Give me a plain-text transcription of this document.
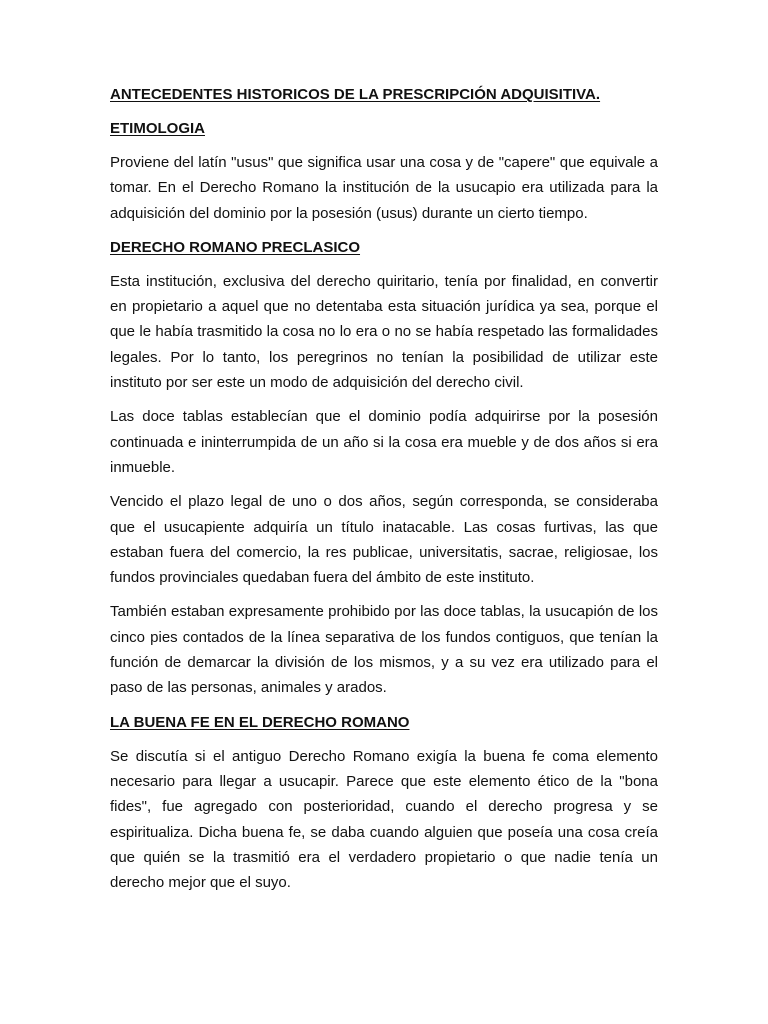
ANTECEDENTES HISTORICOS DE LA PRESCRIPCIÓN ADQUISITIVA.
ETIMOLOGIA

Proviene del latín "usus" que significa usar una cosa y de "capere" que equivale a tomar. En el Derecho Romano la institución de la usucapio era utilizada para la adquisición del dominio por la posesión (usus) durante un cierto tiempo.

DERECHO ROMANO PRECLASICO

Esta institución, exclusiva del derecho quiritario, tenía por finalidad, en convertir en propietario a aquel que no detentaba esta situación jurídica ya sea, porque el que le había trasmitido la cosa no lo era o no se había respetado las formalidades legales. Por lo tanto, los peregrinos no tenían la posibilidad de utilizar este instituto por ser este un modo de adquisición del derecho civil.

Las doce tablas establecían que el dominio podía adquirirse por la posesión continuada e ininterrumpida de un año si la cosa era mueble y de dos años si era inmueble.

Vencido el plazo legal de uno o dos años, según corresponda, se consideraba que el usucapiente adquiría un título inatacable. Las cosas furtivas, las que estaban fuera del comercio, la res publicae, universitatis, sacrae, religiosae, los fundos provinciales quedaban fuera del ámbito de este instituto.

También estaban expresamente prohibido por las doce tablas, la usucapión de los cinco pies contados de la línea separativa de los fundos contiguos, que tenían la función de demarcar la división de los mismos, y a su vez era utilizado para el paso de las personas, animales y arados.

LA BUENA FE EN EL DERECHO ROMANO

Se discutía si el antiguo Derecho Romano exigía la buena fe coma elemento necesario para llegar a usucapir. Parece que este elemento ético de la "bona fides", fue agregado con posterioridad, cuando el derecho progresa y se espiritualiza. Dicha buena fe, se daba cuando alguien que poseía una cosa creía que quién se la trasmitió era el verdadero propietario o que nadie tenía un derecho mejor que el suyo.
